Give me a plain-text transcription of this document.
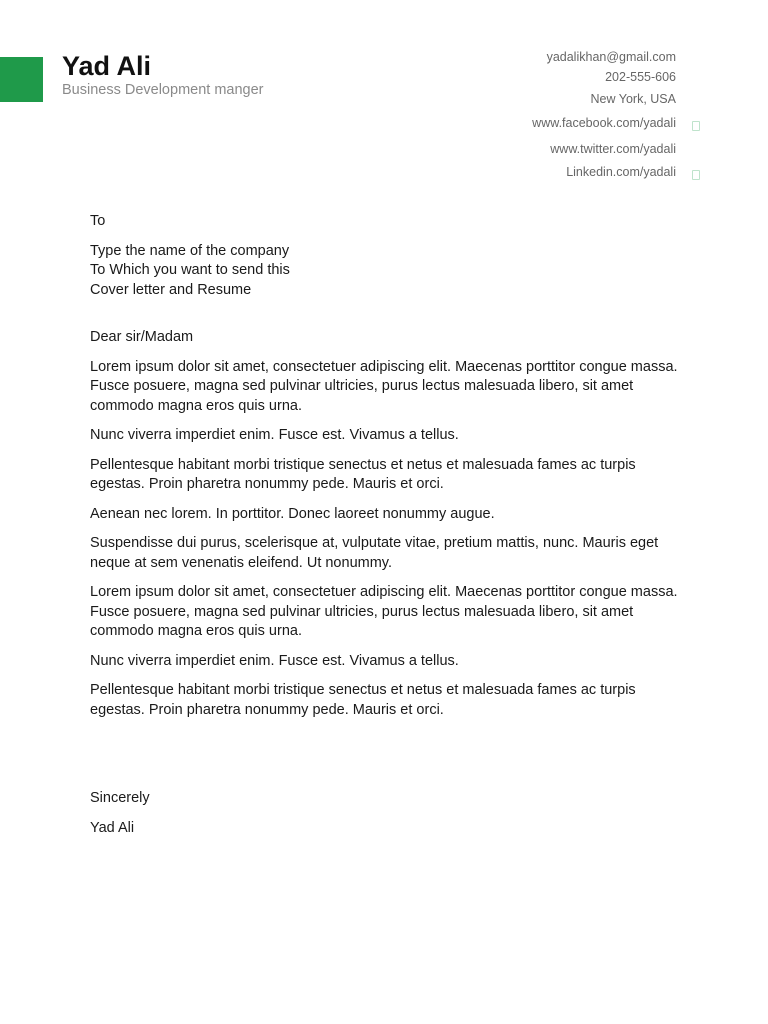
Yad Ali
Business Development manger
yadalikhan@gmail.com
202-555-606
New York, USA
www.facebook.com/yadali
www.twitter.com/yadali
Linkedin.com/yadali

To

Type the name of the company

To Which you want to send this

Cover letter and Resume

Dear sir/Madam

Lorem ipsum dolor sit amet, consectetuer adipiscing elit. Maecenas porttitor congue massa. Fusce posuere, magna sed pulvinar ultricies, purus lectus malesuada libero, sit amet commodo magna eros quis urna.

Nunc viverra imperdiet enim. Fusce est. Vivamus a tellus.

Pellentesque habitant morbi tristique senectus et netus et malesuada fames ac turpis egestas. Proin pharetra nonummy pede. Mauris et orci.

Aenean nec lorem. In porttitor. Donec laoreet nonummy augue.

Suspendisse dui purus, scelerisque at, vulputate vitae, pretium mattis, nunc. Mauris eget neque at sem venenatis eleifend. Ut nonummy.

Lorem ipsum dolor sit amet, consectetuer adipiscing elit. Maecenas porttitor congue massa. Fusce posuere, magna sed pulvinar ultricies, purus lectus malesuada libero, sit amet commodo magna eros quis urna.

Nunc viverra imperdiet enim. Fusce est. Vivamus a tellus.

Pellentesque habitant morbi tristique senectus et netus et malesuada fames ac turpis egestas. Proin pharetra nonummy pede. Mauris et orci.

Sincerely

Yad Ali
